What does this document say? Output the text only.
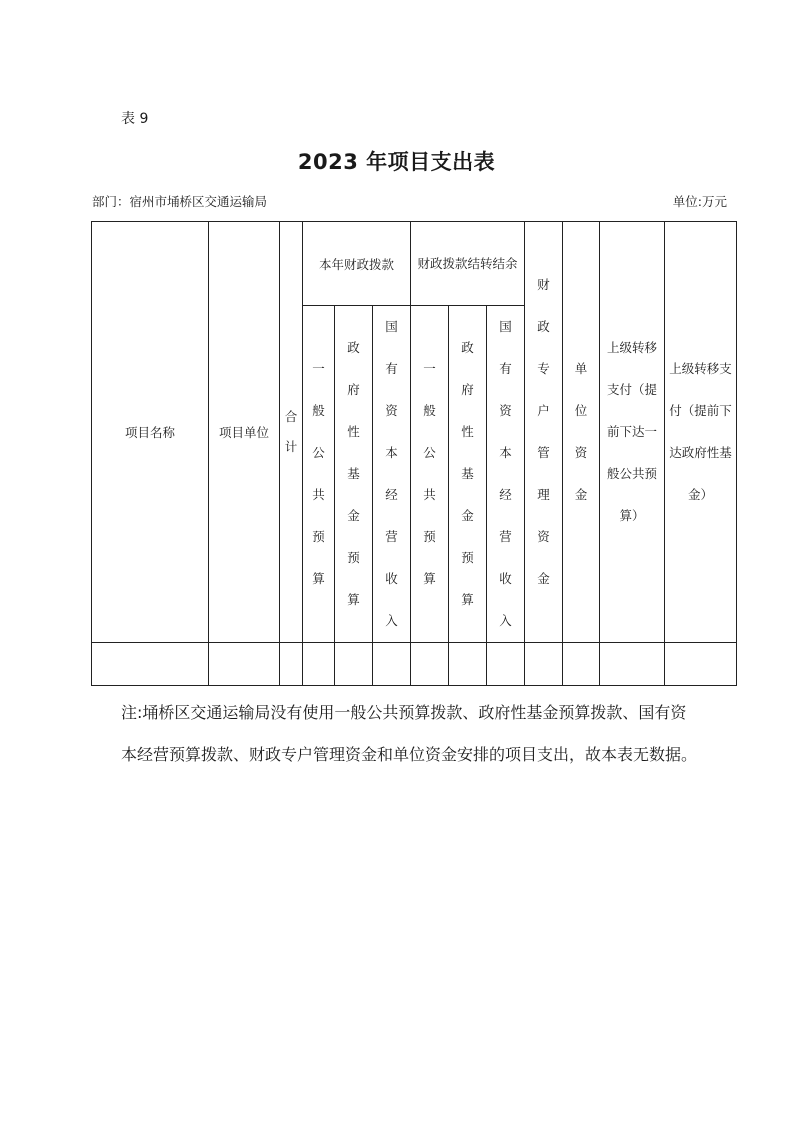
表 9
2023 年项目支出表
部门：宿州市埇桥区交通运输局	单位:万元
项目名称	项目单位	合计	本年财政拨款			财政拨款结转结余			财政专户管理资金	单位资金	上级转移支付（提前下达一般公共预算）	上级转移支付（提前下达政府性基金）
			一般公共预算	政府性基金预算	国有资本经营收入	一般公共预算	政府性基金预算	国有资本经营收入				

注:埇桥区交通运输局没有使用一般公共预算拨款、政府性基金预算拨款、国有资本经营预算拨款、财政专户管理资金和单位资金安排的项目支出，故本表无数据。
